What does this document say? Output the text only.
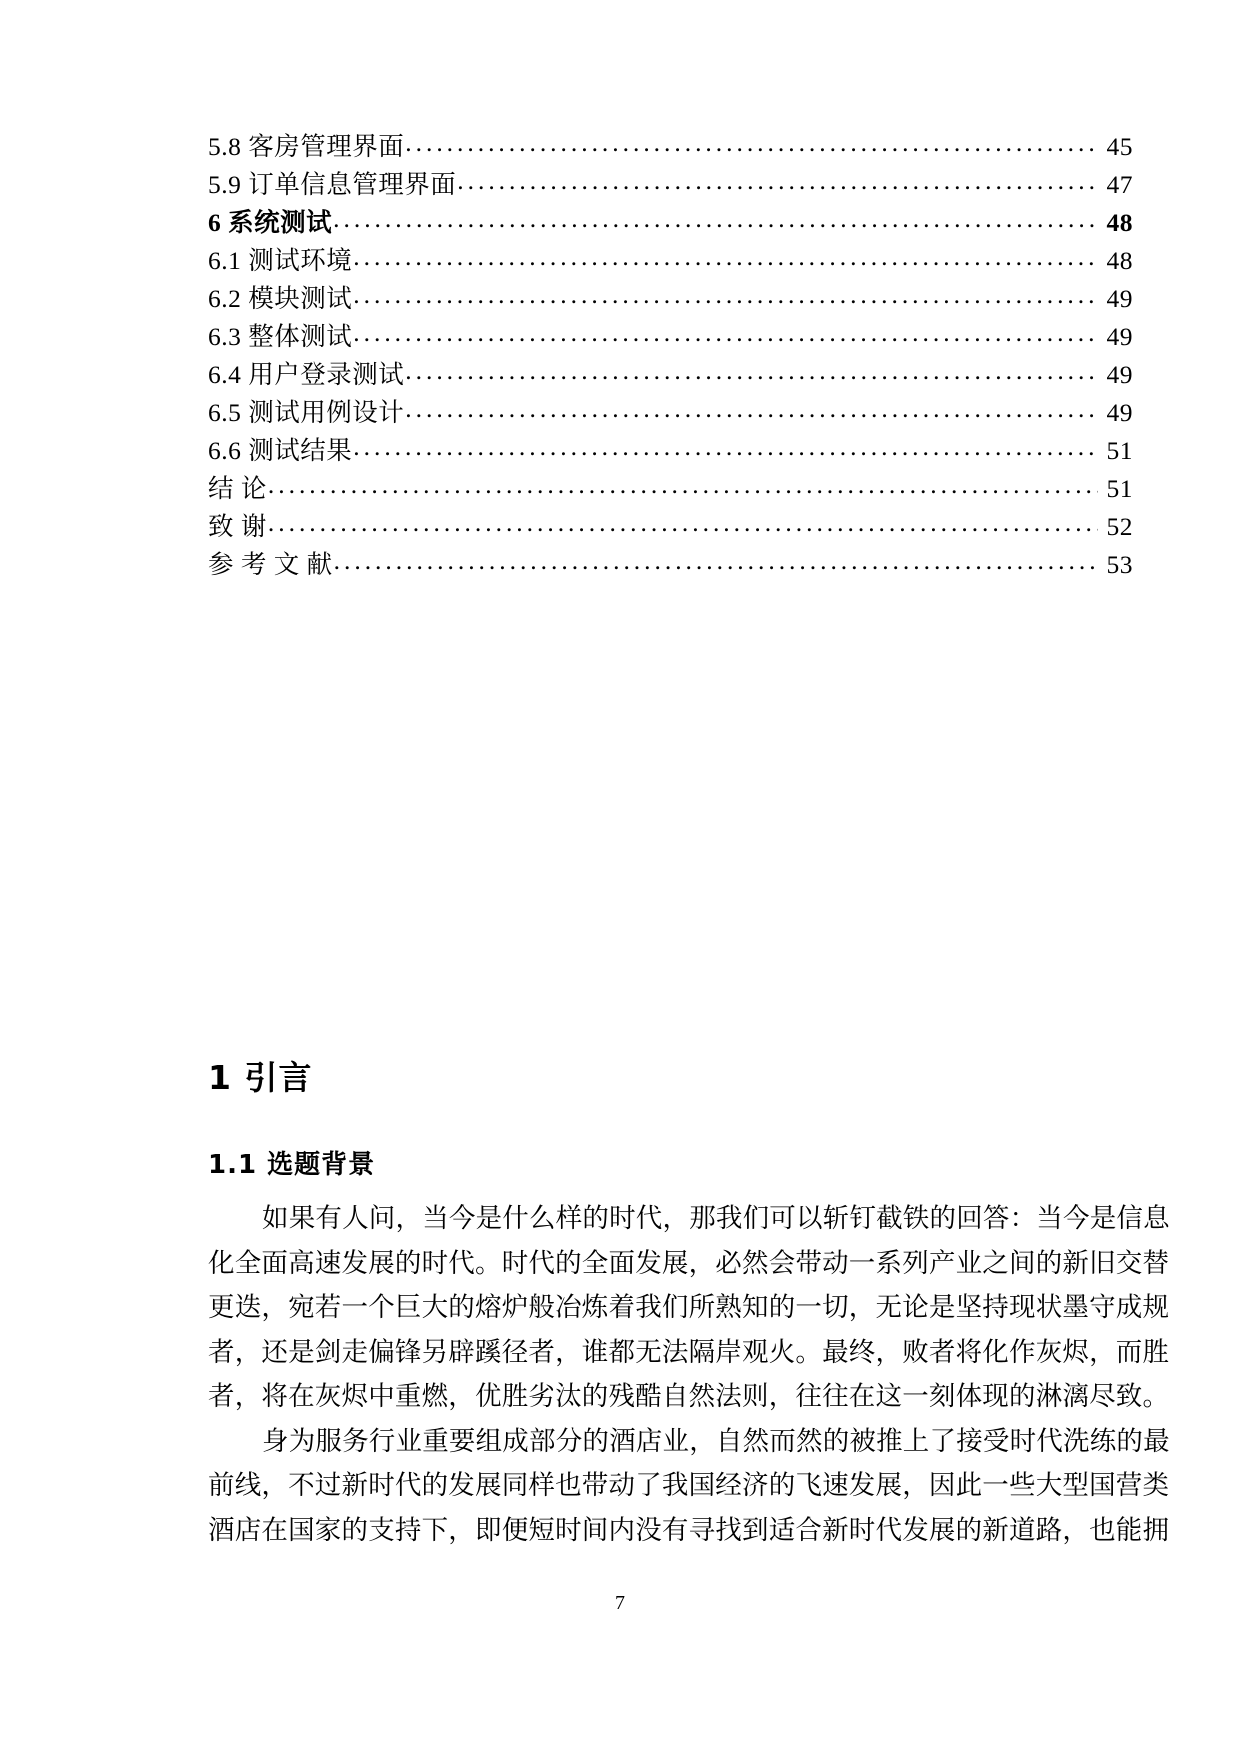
5.8 客房管理界面 . . .	45
5.9 订单信息管理界面 . . .	47
6 系统测试 . . .	48
6.1 测试环境 . . .	48
6.2 模块测试 . . .	49
6.3 整体测试 . . .	49
6.4 用户登录测试 . . .	49
6.5 测试用例设计 . . .	49
6.6 测试结果 . . .	51
结 论 . . .	51
致 谢 . . .	52
参 考 文 献 . . .	53
1 引言
1.1 选题背景
如果有人问，当今是什么样的时代，那我们可以斩钉截铁的回答：当今是信息
化全面高速发展的时代。时代的全面发展，必然会带动一系列产业之间的新旧交替
更迭，宛若一个巨大的熔炉般冶炼着我们所熟知的一切，无论是坚持现状墨守成规
者，还是剑走偏锋另辟蹊径者，谁都无法隔岸观火。最终，败者将化作灰烬，而胜
者，将在灰烬中重燃，优胜劣汰的残酷自然法则，往往在这一刻体现的淋漓尽致。
身为服务行业重要组成部分的酒店业，自然而然的被推上了接受时代洗练的最
前线，不过新时代的发展同样也带动了我国经济的飞速发展，因此一些大型国营类
酒店在国家的支持下，即便短时间内没有寻找到适合新时代发展的新道路，也能拥
7
